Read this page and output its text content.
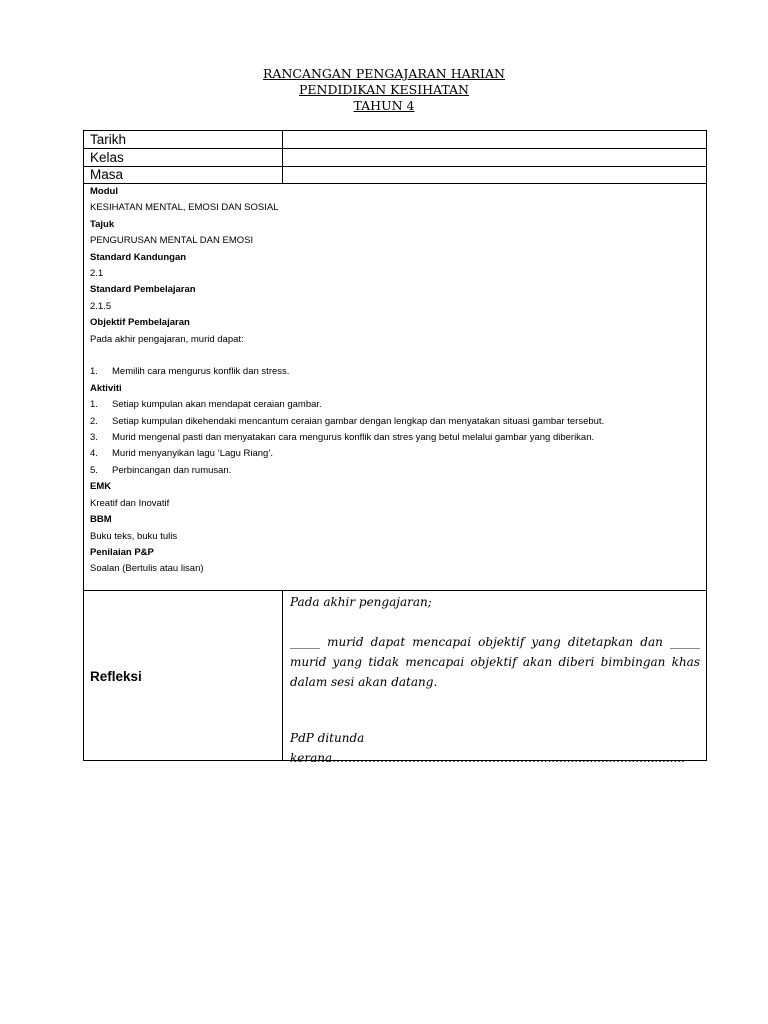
RANCANGAN PENGAJARAN HARIAN
PENDIDIKAN KESIHATAN
TAHUN 4
Tarikh
Kelas
Masa
Modul
KESIHATAN MENTAL, EMOSI DAN SOSIAL
Tajuk
PENGURUSAN MENTAL DAN EMOSI
Standard Kandungan
2.1
Standard Pembelajaran
2.1.5
Objektif Pembelajaran
Pada akhir pengajaran, murid dapat:
1. Memilih cara mengurus konflik dan stress.
Aktiviti
1. Setiap kumpulan akan mendapat ceraian gambar.
2. Setiap kumpulan dikehendaki mencantum ceraian gambar dengan lengkap dan menyatakan situasi gambar tersebut.
3. Murid mengenal pasti dan menyatakan cara mengurus konflik dan stres yang betul melalui gambar yang diberikan.
4. Murid menyanyikan lagu ‘Lagu Riang’.
5. Perbincangan dan rumusan.
EMK
Kreatif dan Inovatif
BBM
Buku teks, buku tulis
Penilaian P&P
Soalan (Bertulis atau lisan)
Refleksi

Pada akhir pengajaran;

_____ murid dapat mencapai objektif yang ditetapkan dan _____

murid yang tidak mencapai objektif akan diberi bimbingan khas

dalam sesi akan datang.

PdP ditunda kerana…………………………………………….......................................
